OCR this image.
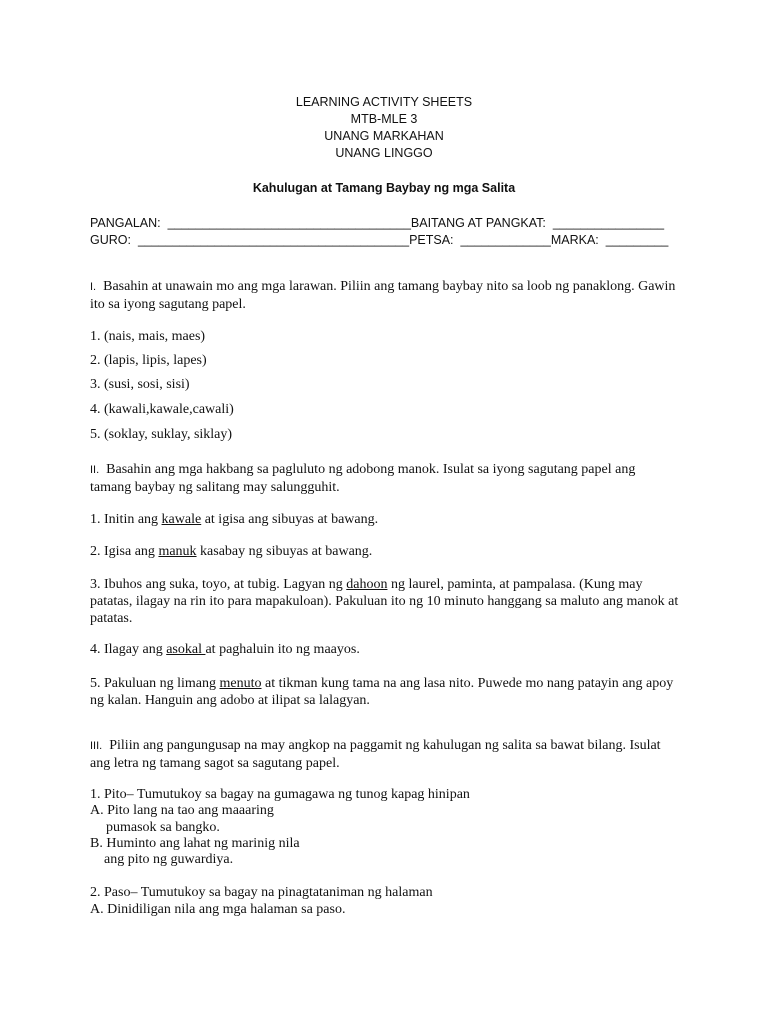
LEARNING ACTIVITY SHEETS
MTB-MLE 3
UNANG MARKAHAN
UNANG LINGGO
Kahulugan at Tamang Baybay ng mga Salita
PANGALAN: ___________________________________BAITANG AT PANGKAT: ________________
GURO: _______________________________________PETSA: _____________MARKA: _________
I. Basahin at unawain mo ang mga larawan. Piliin ang tamang baybay nito sa loob ng panaklong. Gawin ito sa iyong sagutang papel.
1. (nais, mais, maes)
2. (lapis, lipis, lapes)
3. (susi, sosi, sisi)
4. (kawali,kawale,cawali)
5. (soklay, suklay, siklay)
II. Basahin ang mga hakbang sa pagluluto ng adobong manok. Isulat sa iyong sagutang papel ang tamang baybay ng salitang may salungguhit.
1. Initin ang kawale at igisa ang sibuyas at bawang.
2. Igisa ang manuk kasabay ng sibuyas at bawang.
3. Ibuhos ang suka, toyo, at tubig. Lagyan ng dahoon ng laurel, paminta, at pampalasa. (Kung may patatas, ilagay na rin ito para mapakuloan). Pakuluan ito ng 10 minuto hanggang sa maluto ang manok at patatas.
4. Ilagay ang asokal at paghaluin ito ng maayos.
5. Pakuluan ng limang menuto at tikman kung tama na ang lasa nito. Puwede mo nang patayin ang apoy ng kalan. Hanguin ang adobo at ilipat sa lalagyan.
III. Piliin ang pangungusap na may angkop na paggamit ng kahulugan ng salita sa bawat bilang. Isulat ang letra ng tamang sagot sa sagutang papel.
1. Pito– Tumutukoy sa bagay na gumagawa ng tunog kapag hinipan
A. Pito lang na tao ang maaaring
pumasok sa bangko.
B. Huminto ang lahat ng marinig nila
ang pito ng guwardiya.
2. Paso– Tumutukoy sa bagay na pinagtataniman ng halaman
A. Dinidiligan nila ang mga halaman sa paso.
